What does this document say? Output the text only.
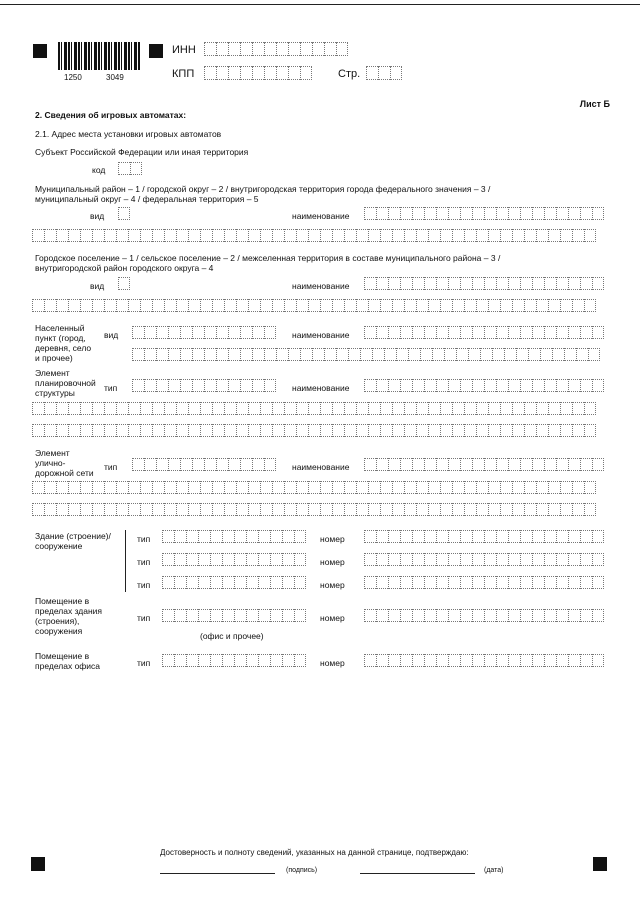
1250	3049
ИНН
КПП	Стр.
Лист Б
2. Сведения об игровых автоматах:
2.1. Адрес места установки игровых автоматов
Субъект Российской Федерации или иная территория
код
Муниципальный район – 1 / городской округ – 2 / внутригородская территория города федерального значения – 3 /
муниципальный округ – 4 / федеральная территория – 5
вид	наименование
Городское поселение – 1 / сельское поселение – 2 / межселенная территория в составе муниципального района – 3 /
внутригородской район городского округа – 4
вид	наименование
Населенный пункт (город, деревня, село и прочее)
вид	наименование
Элемент планировочной структуры	тип	наименование
Элемент улично-дорожной сети
тип	наименование
Здание (строение)/ сооружение
тип	номер
тип	номер
тип	номер
Помещение в пределах здания (строения), сооружения
тип	номер
(офис и прочее)
Помещение в пределах офиса	тип	номер
Достоверность и полноту сведений, указанных на данной странице, подтверждаю:
(подпись)	(дата)
